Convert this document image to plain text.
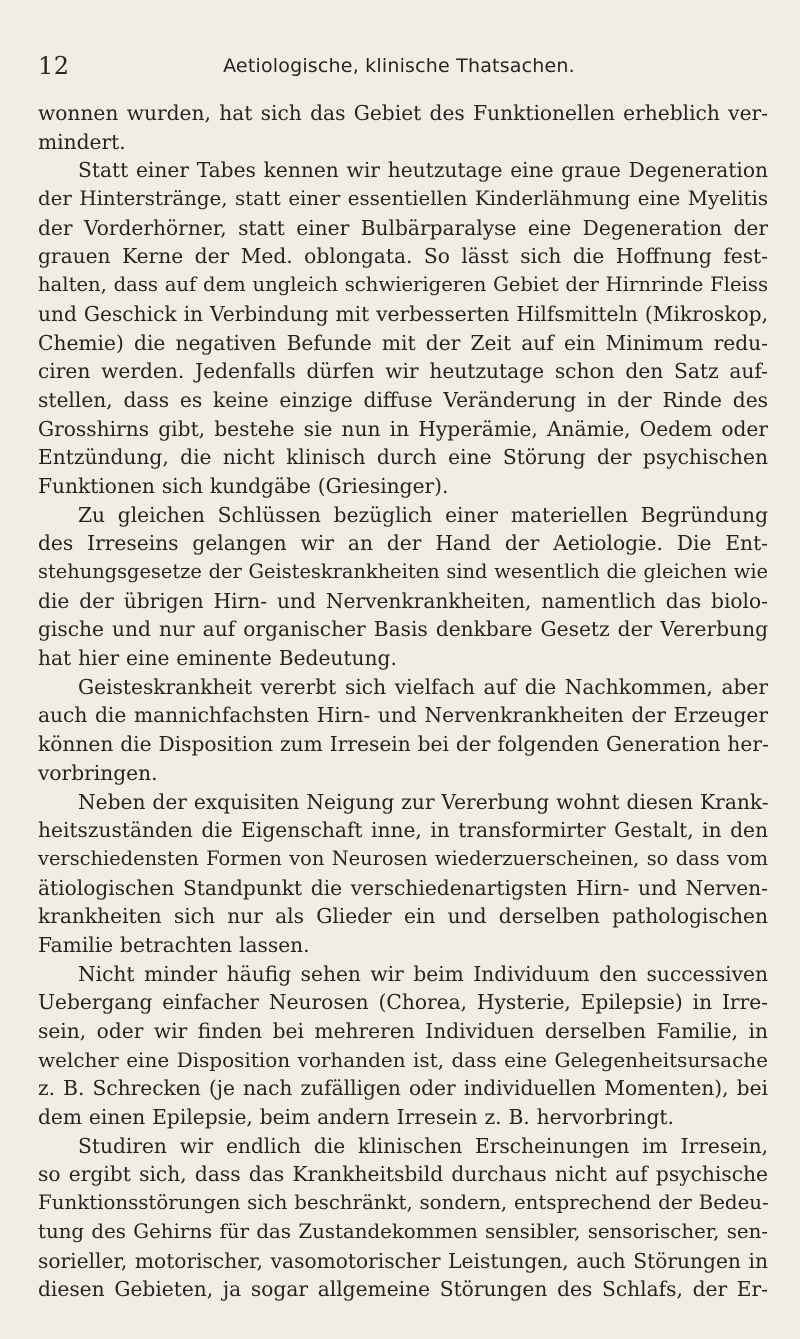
12	Aetiologische, klinische Thatsachen.
wonnen wurden, hat sich das Gebiet des Funktionellen erheblich ver-
mindert.
Statt einer Tabes kennen wir heutzutage eine graue Degeneration
der Hinterstränge, statt einer essentiellen Kinderlähmung eine Myelitis
der Vorderhörner, statt einer Bulbärparalyse eine Degeneration der
grauen Kerne der Med. oblongata. So lässt sich die Hoffnung fest-
halten, dass auf dem ungleich schwierigeren Gebiet der Hirnrinde Fleiss
und Geschick in Verbindung mit verbesserten Hilfsmitteln (Mikroskop,
Chemie) die negativen Befunde mit der Zeit auf ein Minimum redu-
ciren werden. Jedenfalls dürfen wir heutzutage schon den Satz auf-
stellen, dass es keine einzige diffuse Veränderung in der Rinde des
Grosshirns gibt, bestehe sie nun in Hyperämie, Anämie, Oedem oder
Entzündung, die nicht klinisch durch eine Störung der psychischen
Funktionen sich kundgäbe (Griesinger).
Zu gleichen Schlüssen bezüglich einer materiellen Begründung
des Irreseins gelangen wir an der Hand der Aetiologie. Die Ent-
stehungsgesetze der Geisteskrankheiten sind wesentlich die gleichen wie
die der übrigen Hirn- und Nervenkrankheiten, namentlich das biolo-
gische und nur auf organischer Basis denkbare Gesetz der Vererbung
hat hier eine eminente Bedeutung.
Geisteskrankheit vererbt sich vielfach auf die Nachkommen, aber
auch die mannichfachsten Hirn- und Nervenkrankheiten der Erzeuger
können die Disposition zum Irresein bei der folgenden Generation her-
vorbringen.
Neben der exquisiten Neigung zur Vererbung wohnt diesen Krank-
heitszuständen die Eigenschaft inne, in transformirter Gestalt, in den
verschiedensten Formen von Neurosen wiederzuerscheinen, so dass vom
ätiologischen Standpunkt die verschiedenartigsten Hirn- und Nerven-
krankheiten sich nur als Glieder ein und derselben pathologischen
Familie betrachten lassen.
Nicht minder häufig sehen wir beim Individuum den successiven
Uebergang einfacher Neurosen (Chorea, Hysterie, Epilepsie) in Irre-
sein, oder wir finden bei mehreren Individuen derselben Familie, in
welcher eine Disposition vorhanden ist, dass eine Gelegenheitsursache
z. B. Schrecken (je nach zufälligen oder individuellen Momenten), bei
dem einen Epilepsie, beim andern Irresein z. B. hervorbringt.
Studiren wir endlich die klinischen Erscheinungen im Irresein,
so ergibt sich, dass das Krankheitsbild durchaus nicht auf psychische
Funktionsstörungen sich beschränkt, sondern, entsprechend der Bedeu-
tung des Gehirns für das Zustandekommen sensibler, sensorischer, sen-
sorieller, motorischer, vasomotorischer Leistungen, auch Störungen in
diesen Gebieten, ja sogar allgemeine Störungen des Schlafs, der Er-
